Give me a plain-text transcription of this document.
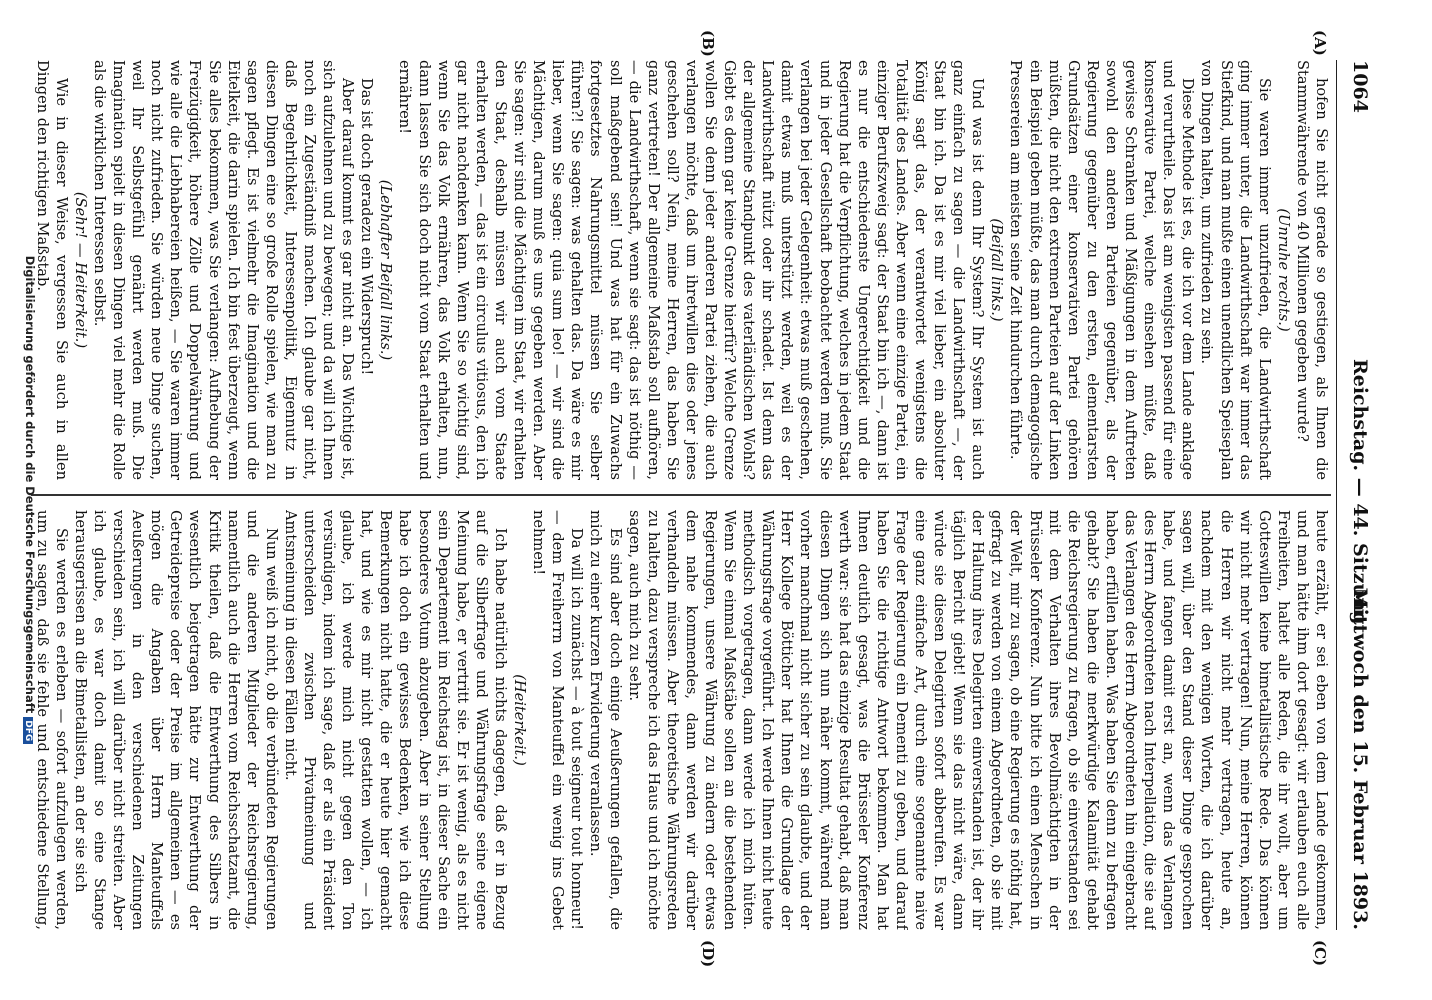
1064
Reichstag. — 44. Sitzung.
Mittwoch den 15. Februar 1893.
(A)
(B)
(C)
(D)

hofen Sie nicht gerade so gestiegen, als Ihnen die Stammwährende von 40 Millionen gegeben wurde?

(Unruhe rechts.)

Sie waren immer unzufrieden, die Landwirthschaft ging immer unter, die Landwirthschaft war immer das Stiefkind, und man mußte einen unendlichen Speiseplan von Dingen halten, um zufrieden zu sein.

Diese Methode ist es, die ich vor dem Lande anklage und verurtheile. Das ist am wenigsten passend für eine konservative Partei, welche einsehen müßte, daß gewisse Schranken und Mäßigungen in dem Auftreten sowohl den anderen Parteien gegenüber, als der Regierung gegenüber zu den ersten, elementarsten Grundsätzen einer konservativen Partei gehören müßten, die nicht den extremen Parteien auf der Linken ein Beispiel geben müßte, das man durch demagogische Pressereien am meisten seine Zeit hindurchen führte.

(Beifall links.)

Und was ist denn Ihr System? Ihr System ist auch ganz einfach zu sagen — die Landwirthschaft —, der Staat bin ich. Da ist es mir viel lieber, ein absoluter König sagt das, der verantwortet wenigstens die Totalität des Landes. Aber wenn eine einzige Partei, ein einziger Berufszweig sagt: der Staat bin ich —, dann ist es nur die entschiedenste Ungerechtigkeit und die Regierung hat die Verpflichtung, welches in jedem Staat und in jeder Gesellschaft beobachtet werden muß. Sie verlangen bei jeder Gelegenheit: etwas muß geschehen, damit etwas muß unterstützt werden, weil es der Landwirthschaft nützt oder ihr schadet. Ist denn das der allgemeine Standpunkt des vaterländischen Wohls? Giebt es denn gar keine Grenze hierfür? Welche Grenze wollen Sie denn jeder anderen Partei ziehen, die auch verlangen möchte, daß um ihretwillen dies oder jenes geschehen soll? Nein, meine Herren, das haben Sie ganz vertreten! Der allgemeine Maßstab soll aufhören, — die Landwirthschaft, wenn sie sagt: das ist nöthig — soll maßgebend sein! Und was hat für ein Zuwachs fortgesetztes Nahrungsmittel müssen Sie selber führen?! Sie sagen: was gehalten das. Da wäre es mir lieber, wenn Sie sagen: quia sum leo! — wir sind die Mächtigen, darum muß es uns gegeben werden. Aber Sie sagen: wir sind die Mächtigen im Staat, wir erhalten den Staat, deshalb müssen wir auch vom Staate erhalten werden, — das ist ein circulus vitiosus, den ich gar nicht nachdenken kann. Wenn Sie so wichtig sind, wenn Sie das Volk ernähren, das Volk erhalten, nun, dann lassen Sie sich doch nicht vom Staat erhalten und ernähren!

(Lebhafter Beifall links.)

Das ist doch geradezu ein Widerspruch!

Aber darauf kommt es gar nicht an. Das Wichtige ist, sich aufzulehnen und zu bewegen; und da will ich Ihnen noch ein Zugeständniß machen. Ich glaube gar nicht, daß Begehrlichkeit, Interessenpolitik, Eigennutz in diesen Dingen eine so große Rolle spielen, wie man zu sagen pflegt. Es ist vielmehr die Imagination und die Eitelkeit, die darin spielen. Ich bin fest überzeugt, wenn Sie alles bekommen, was Sie verlangen: Aufhebung der Freizügigkeit, höhere Zölle und Doppelwährung und wie alle die Liebhabereien heißen, — Sie waren immer noch nicht zufrieden. Sie würden neue Dinge suchen, weil Ihr Selbstgefühl genährt werden muß. Die Imagination spielt in diesen Dingen viel mehr die Rolle als die wirklichen Interessen selbst.

(Sehr! — Heiterkeit.)

Wie in dieser Weise, vergessen Sie auch in allen Dingen den richtigen Maßstab.

heute erzählt, er sei eben von dem Lande gekommen, und man hätte ihm dort gesagt: wir erlauben euch alle Freiheiten, haltet alle Reden, die ihr wollt, aber um Gotteswillen keine bimetallistische Rede. Das können wir nicht mehr vertragen! Nun, meine Herren, können die Herren wir nicht mehr vertragen, heute an, nachdem mit den wenigen Worten, die ich darüber sagen will, über den Stand dieser Dinge gesprochen habe, und fangen damit erst an, wenn das Verlangen des Herrn Abgeordneten nach Interpellation, die sie auf das Verlangen des Herrn Abgeordneten hin eingebracht haben, erfüllen haben. Was haben Sie denn zu befragen gehabt? Sie haben die merkwürdige Kalamität gehabt die Reichsregierung zu fragen, ob sie einverstanden sei mit dem Verhalten ihres Bevollmächtigten in der Brüsseler Konferenz. Nun bitte ich einen Menschen in der Welt, mir zu sagen, ob eine Regierung es nöthig hat, gefragt zu werden von einem Abgeordneten, ob sie mit der Haltung ihres Delegirten einverstanden ist, der ihr täglich Bericht giebt! Wenn sie das nicht wäre, dann würde sie diesen Delegirten sofort abberufen. Es war eine ganz einfache Art, durch eine sogenannte naive Frage der Regierung ein Dementi zu geben, und darauf haben Sie die richtige Antwort bekommen. Man hat Ihnen deutlich gesagt, was die Brüsseler Konferenz werth war: sie hat das einzige Resultat gehabt, daß man diesen Dingen sich nun näher kommt, während man vorher manchmal nicht sicher zu sein glaubte, und der Herr Kollege Bötticher hat Ihnen die Grundlage der Währungsfrage vorgeführt. Ich werde Ihnen nicht heute methodisch vorgetragen, dann werde ich mich hüten. Wenn Sie einmal Maßstäbe sollen an die bestehenden Regierungen, unsere Währung zu ändern oder etwas dem nahe kommendes, dann werden wir darüber verhandeln müssen. Aber theoretische Währungsreden zu halten, dazu verspreche ich das Haus und ich möchte sagen, auch mich zu sehr.

Es sind aber doch einige Aeußerungen gefallen, die mich zu einer kurzen Erwiderung veranlassen.

Da will ich zunächst — à tout seigneur tout honneur! — dem Freiherrn von Manteuffel ein wenig ins Gebet nehmen!

(Heiterkeit.)

Ich habe natürlich nichts dagegen, daß er in Bezug auf die Silberfrage und Währungsfrage seine eigene Meinung habe, er vertritt sie. Er ist wenig, als es nicht sein Departement im Reichstag ist, in dieser Sache ein besonderes Votum abzugeben. Aber in seiner Stellung habe ich doch ein gewisses Bedenken, wie ich diese Bemerkungen nicht hatte, die er heute hier gemacht hat, und wie es mir nicht gestatten wollen, — ich glaube, ich werde mich nicht gegen den Ton versündigen, indem ich sage, daß er als ein Präsident unterscheiden zwischen Privatmeinung und Amtsmeinung in diesen Fällen nicht.

Nun weiß ich nicht, ob die verbündeten Regierungen und die anderen Mitglieder der Reichsregierung, namentlich auch die Herren vom Reichsschatzamt, die Kritik theilen, daß die Entwerthung des Silbers in wesentlich beigetragen hätte zur Entwerthung der Getreidepreise oder der Preise im allgemeinen — es mögen die Angaben über Herrn Manteuffels Aeußerungen in den verschiedenen Zeitungen verschieden sein, ich will darüber nicht streiten. Aber ich glaube, es war doch damit so eine Stange herausgerissen an die Bimetallisten, an der sie sich

Sie werden es erleben — sofort aufzulegen werden, um zu sagen, daß sie fehle und entschiedene Stellung,

Digitalisierung gefördert durch die Deutsche ForschungsgemeinschaftDFG
